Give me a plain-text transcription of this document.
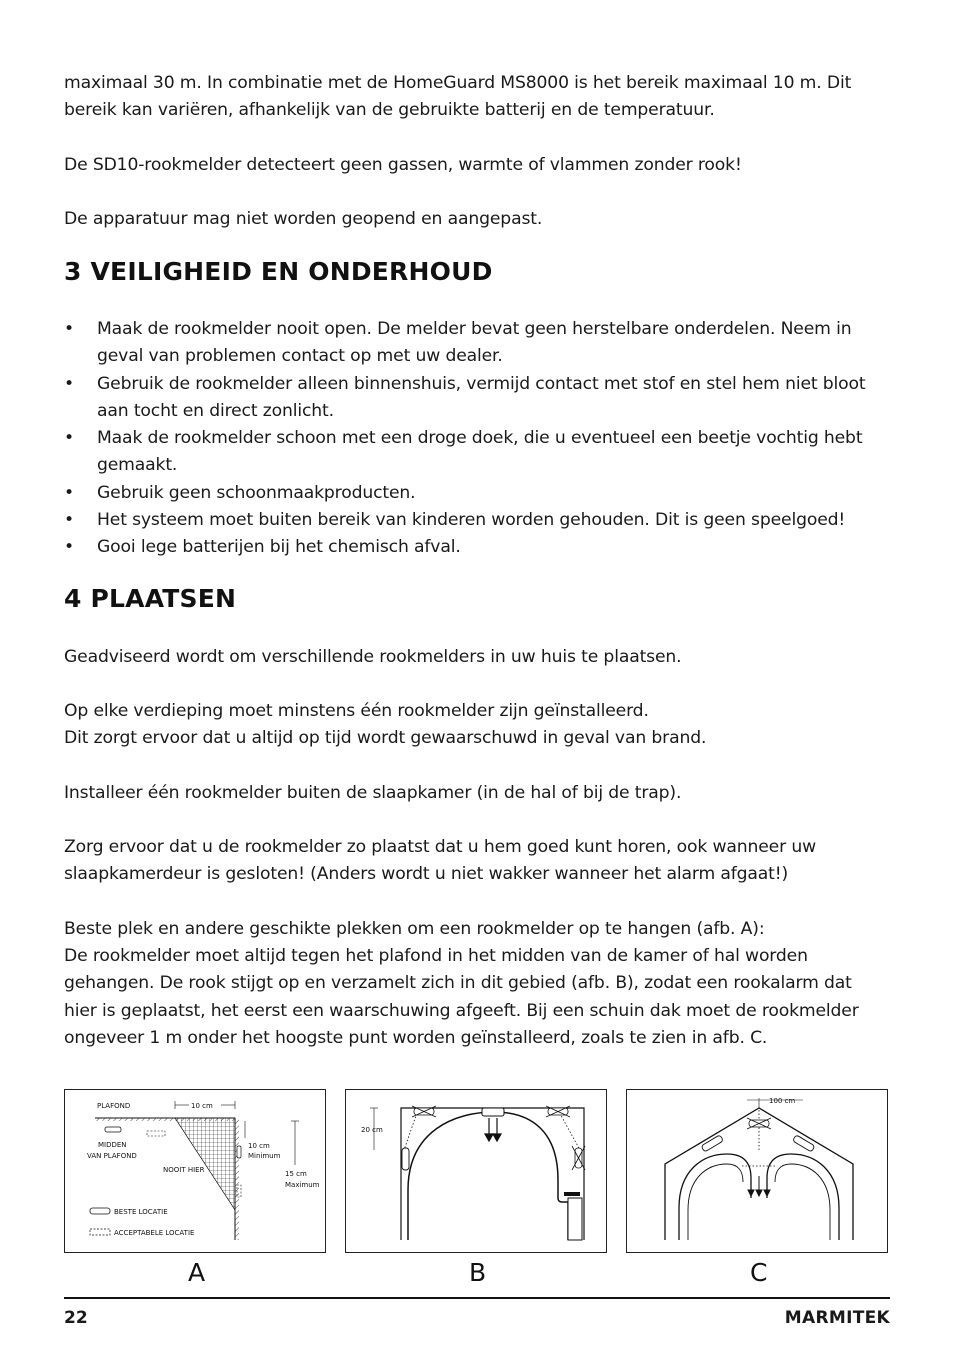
maximaal 30 m. In combinatie met de HomeGuard MS8000 is het bereik maximaal 10 m. Dit bereik kan variëren, afhankelijk van de gebruikte batterij en de temperatuur.

De SD10-rookmelder detecteert geen gassen, warmte of vlammen zonder rook!

De apparatuur mag niet worden geopend en aangepast.

3 VEILIGHEID EN ONDERHOUD
•	Maak de rookmelder nooit open. De melder bevat geen herstelbare onderdelen. Neem in geval van problemen contact op met uw dealer.
•	Gebruik de rookmelder alleen binnenshuis, vermijd contact met stof en stel hem niet bloot aan tocht en direct zonlicht.
•	Maak de rookmelder schoon met een droge doek, die u eventueel een beetje vochtig hebt gemaakt.
•	Gebruik geen schoonmaakproducten.
•	Het systeem moet buiten bereik van kinderen worden gehouden. Dit is geen speelgoed!
•	Gooi lege batterijen bij het chemisch afval.
4 PLAATSEN

Geadviseerd wordt om verschillende rookmelders in uw huis te plaatsen.

Op elke verdieping moet minstens één rookmelder zijn geïnstalleerd.

Dit zorgt ervoor dat u altijd op tijd wordt gewaarschuwd in geval van brand.

Installeer één rookmelder buiten de slaapkamer (in de hal of bij de trap).

Zorg ervoor dat u de rookmelder zo plaatst dat u hem goed kunt horen, ook wanneer uw slaapkamerdeur is gesloten! (Anders wordt u niet wakker wanneer het alarm afgaat!)

Beste plek en andere geschikte plekken om een rookmelder op te hangen (afb. A):

De rookmelder moet altijd tegen het plafond in het midden van de kamer of hal worden gehangen. De rook stijgt op en verzamelt zich in dit gebied (afb. B), zodat een rookalarm dat hier is geplaatst, het eerst een waarschuwing afgeeft. Bij een schuin dak moet de rookmelder ongeveer 1 m onder het hoogste punt worden geïnstalleerd, zoals te zien in afb. C.

PLAFOND	10 cm
MIDDEN
VAN PLAFOND
10 cm
Minimum
NOOIT HIER	15 cm
Maximum
BESTE LOCATIE
ACCEPTABELE LOCATIE
20 cm
100 cm
A	B	C
22	MARMITEK
